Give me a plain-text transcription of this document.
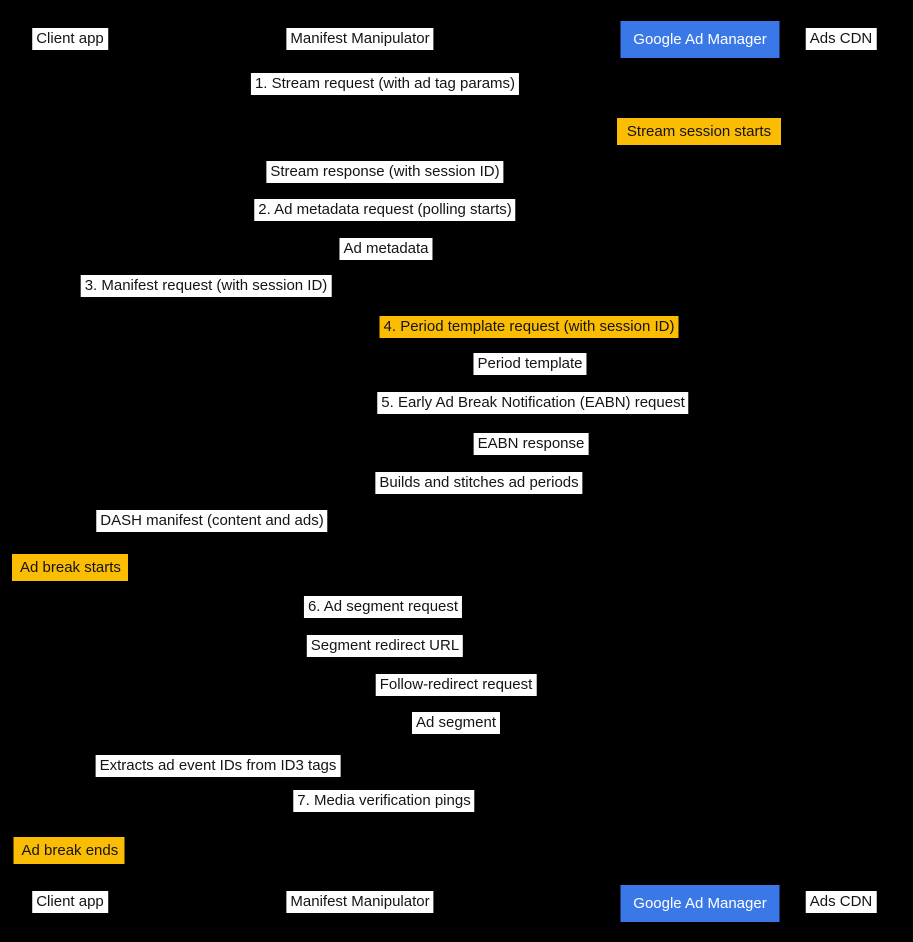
Client app	Manifest Manipulator	Google Ad Manager	Ads CDN
1. Stream request (with ad tag params)
Stream session starts
Stream response (with session ID)
2. Ad metadata request (polling starts)
Ad metadata
3. Manifest request (with session ID)
4. Period template request (with session ID)
Period template
5. Early Ad Break Notification (EABN) request
EABN response
Builds and stitches ad periods
DASH manifest (content and ads)
Ad break starts
6. Ad segment request
Segment redirect URL
Follow-redirect request
Ad segment
Extracts ad event IDs from ID3 tags
7. Media verification pings
Ad break ends
Client app	Manifest Manipulator	Google Ad Manager	Ads CDN
